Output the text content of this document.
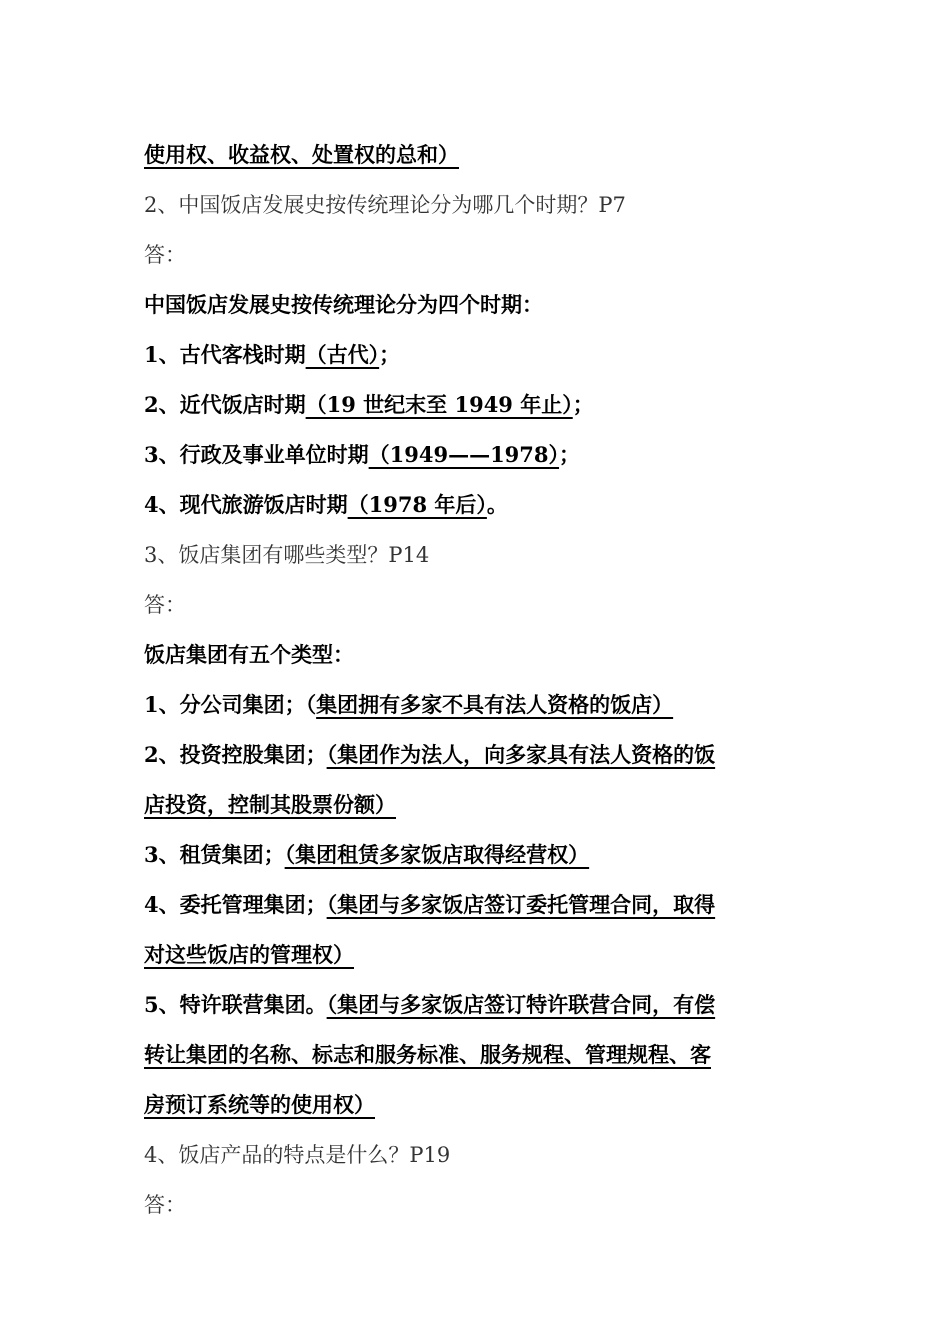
使用权、收益权、处置权的总和）
2、中国饭店发展史按传统理论分为哪几个时期？P7
答：
中国饭店发展史按传统理论分为四个时期：
1、古代客栈时期（古代）；
2、近代饭店时期（19 世纪末至 1949 年止）；
3、行政及事业单位时期（1949——1978）；
4、现代旅游饭店时期（1978 年后）。
3、饭店集团有哪些类型？P14
答：
饭店集团有五个类型：
1、分公司集团；（集团拥有多家不具有法人资格的饭店）
2、投资控股集团；（集团作为法人，向多家具有法人资格的饭
店投资，控制其股票份额）
3、租赁集团；（集团租赁多家饭店取得经营权）
4、委托管理集团；（集团与多家饭店签订委托管理合同，取得
对这些饭店的管理权）
5、特许联营集团。（集团与多家饭店签订特许联营合同，有偿
转让集团的名称、标志和服务标准、服务规程、管理规程、客
房预订系统等的使用权）
4、饭店产品的特点是什么？P19
答：
